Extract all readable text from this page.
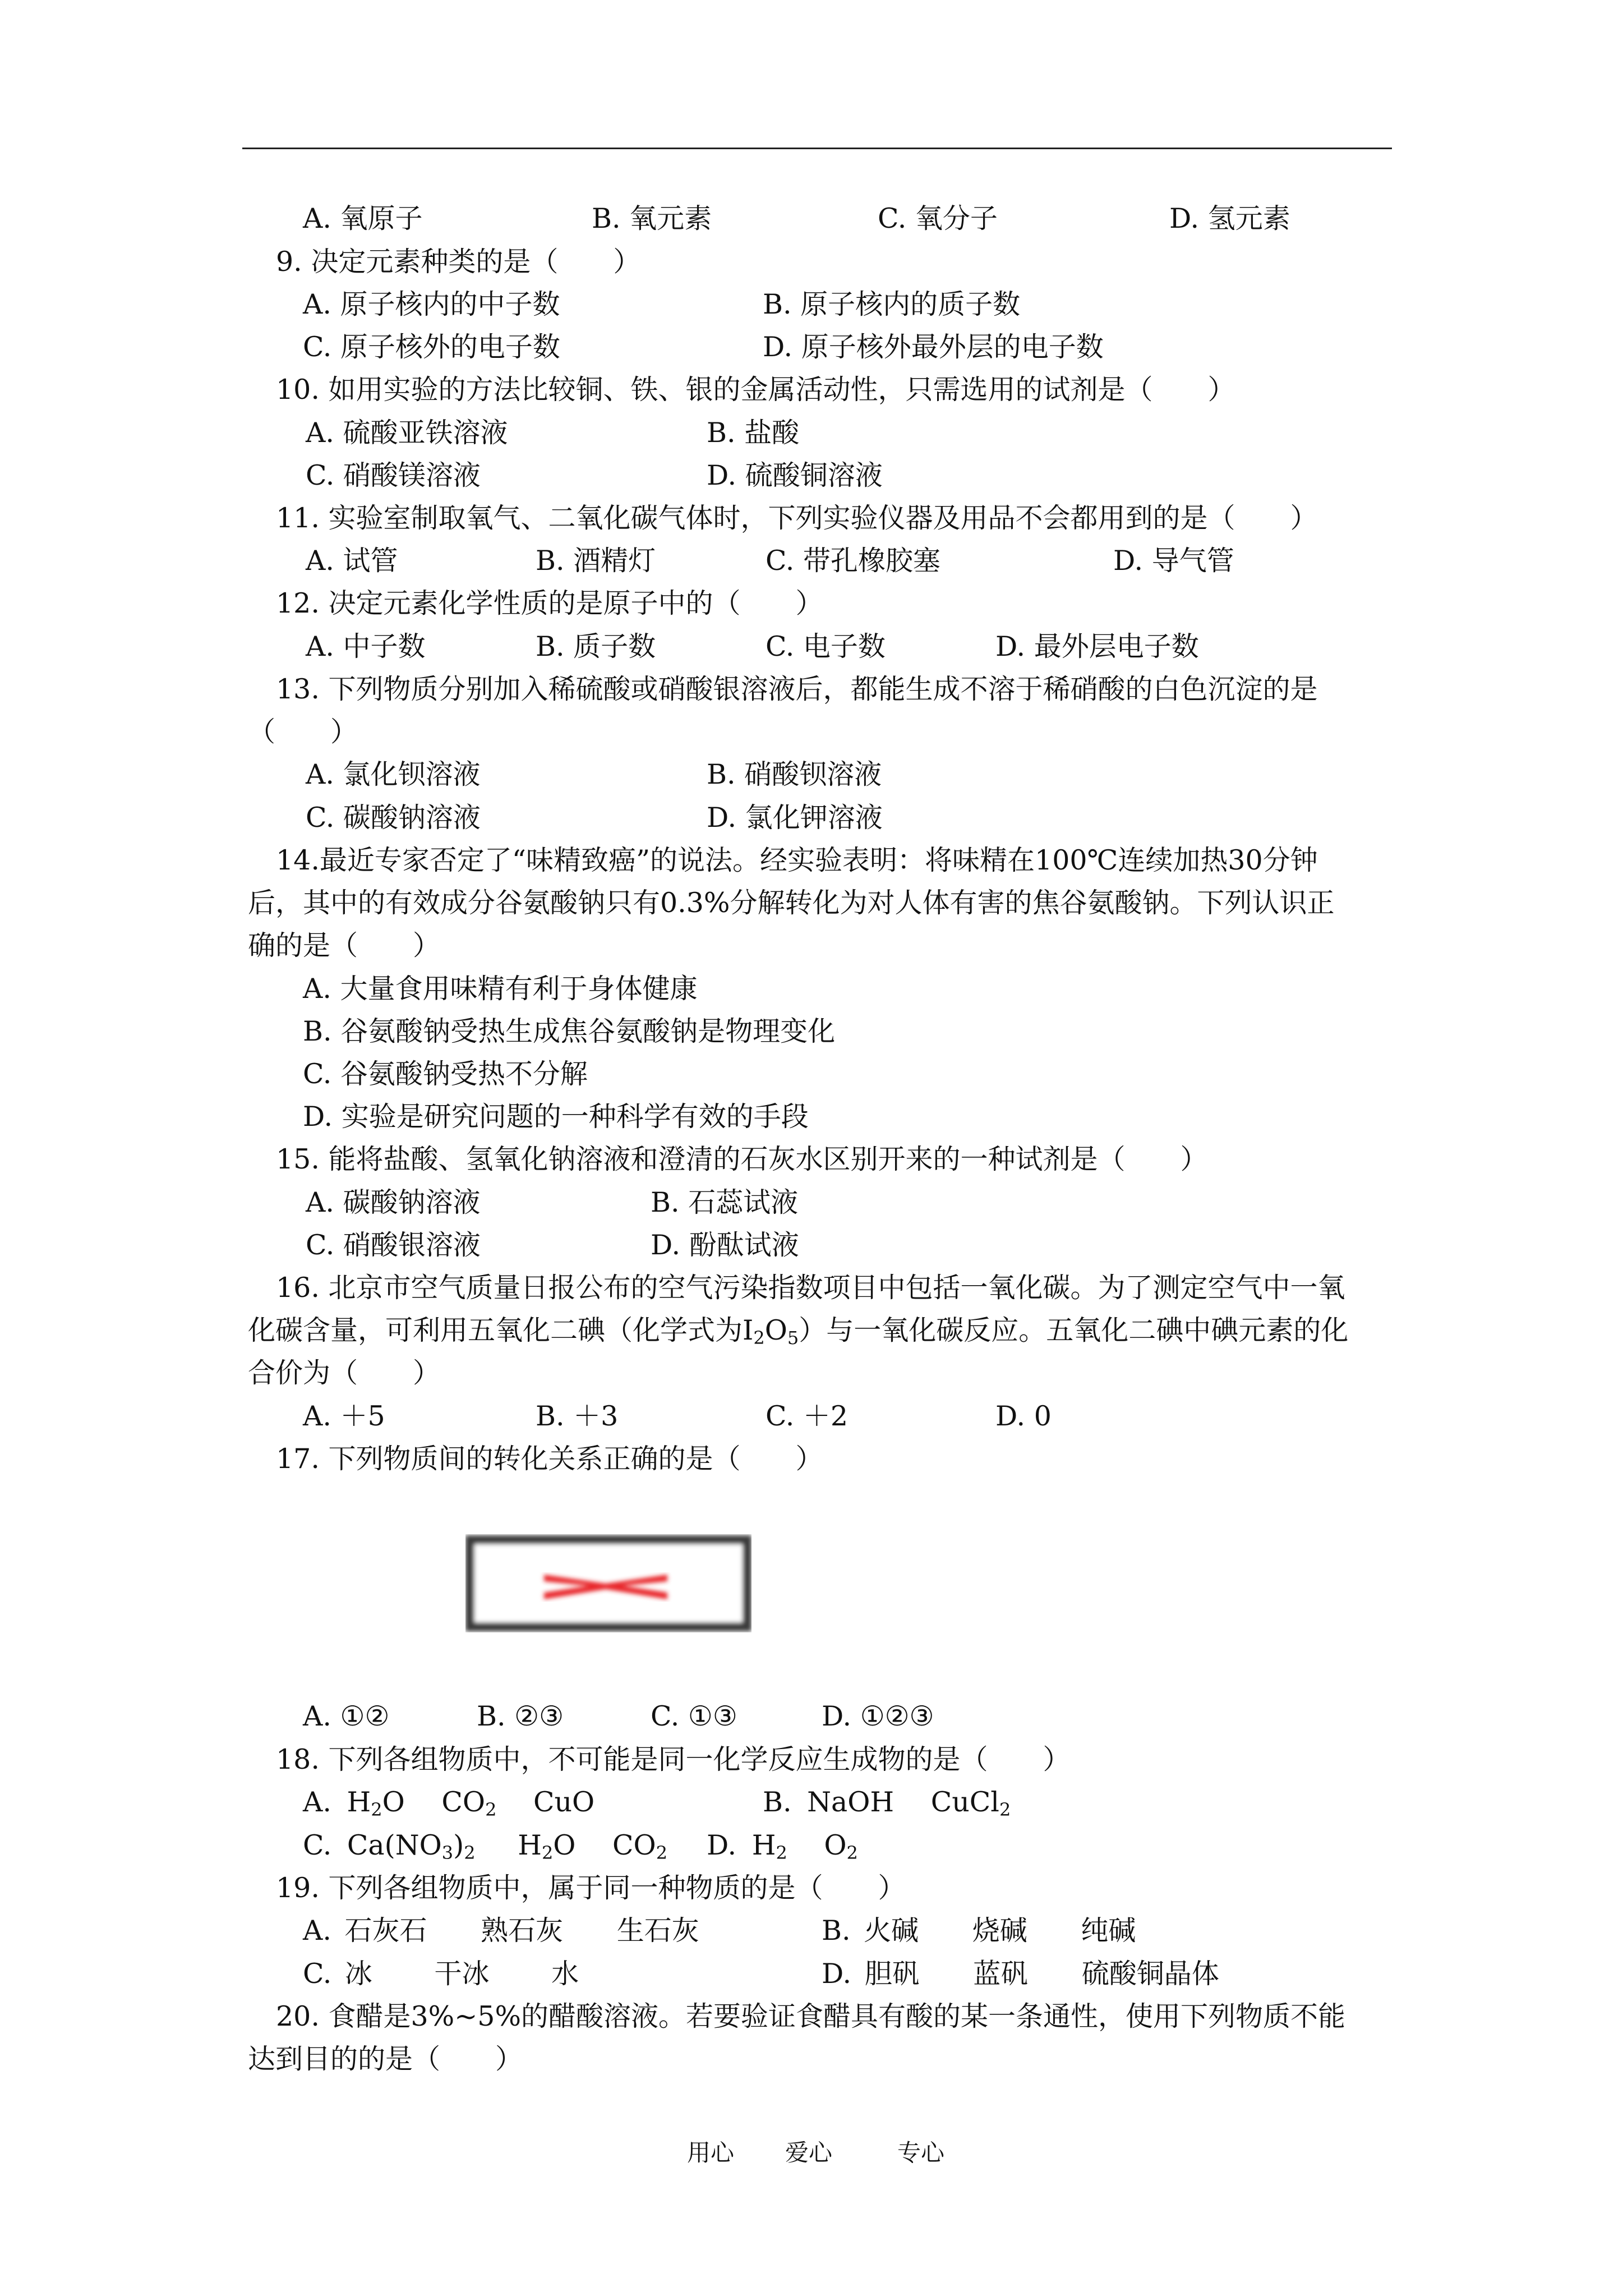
A. 氧原子	B. 氧元素	C. 氧分子	D. 氢元素
9. 决定元素种类的是（　　）
A. 原子核内的中子数	B. 原子核内的质子数
C. 原子核外的电子数	D. 原子核外最外层的电子数
10. 如用实验的方法比较铜、铁、银的金属活动性，只需选用的试剂是（　　）
A. 硫酸亚铁溶液	B. 盐酸
C. 硝酸镁溶液	D. 硫酸铜溶液
11. 实验室制取氧气、二氧化碳气体时，下列实验仪器及用品不会都用到的是（　　）
A. 试管	B. 酒精灯	C. 带孔橡胶塞	D. 导气管
12. 决定元素化学性质的是原子中的（　　）
A. 中子数	B. 质子数	C. 电子数	D. 最外层电子数
13. 下列物质分别加入稀硫酸或硝酸银溶液后，都能生成不溶于稀硝酸的白色沉淀的是
（　　）
A. 氯化钡溶液	B. 硝酸钡溶液
C. 碳酸钠溶液	D. 氯化钾溶液
14.最近专家否定了“味精致癌”的说法。经实验表明：将味精在100℃连续加热30分钟
后，其中的有效成分谷氨酸钠只有0.3%分解转化为对人体有害的焦谷氨酸钠。下列认识正
确的是（　　）
A. 大量食用味精有利于身体健康
B. 谷氨酸钠受热生成焦谷氨酸钠是物理变化
C. 谷氨酸钠受热不分解
D. 实验是研究问题的一种科学有效的手段
15. 能将盐酸、氢氧化钠溶液和澄清的石灰水区别开来的一种试剂是（　　）
A. 碳酸钠溶液	B. 石蕊试液
C. 硝酸银溶液	D. 酚酞试液
16. 北京市空气质量日报公布的空气污染指数项目中包括一氧化碳。为了测定空气中一氧
化碳含量，可利用五氧化二碘（化学式为$I_2O_5$）与一氧化碳反应。五氧化二碘中碘元素的化
合价为（　　）
A. ＋5	B. ＋3	C. ＋2	D. 0
17. 下列物质间的转化关系正确的是（　　）
A. ①②	B. ②③	C. ①③	D. ①②③
18. 下列各组物质中，不可能是同一化学反应生成物的是（　　）
A. $H_2O$ $CO_2$ CuO	B. NaOH CuCl$_2$
C. $Ca(NO_3)_2$ $H_2O$ $CO_2$ D. $H_2$ $O_2$
19. 下列各组物质中，属于同一种物质的是（　　）
A. 石灰石 熟石灰 生石灰	B. 火碱 烧碱 纯碱
C. 冰 干冰 水	D. 胆矾 蓝矾 硫酸铜晶体
20. 食醋是3%~5%的醋酸溶液。若要验证食醋具有酸的某一条通性，使用下列物质不能
达到目的的是（　　）
用心 爱心	专心
